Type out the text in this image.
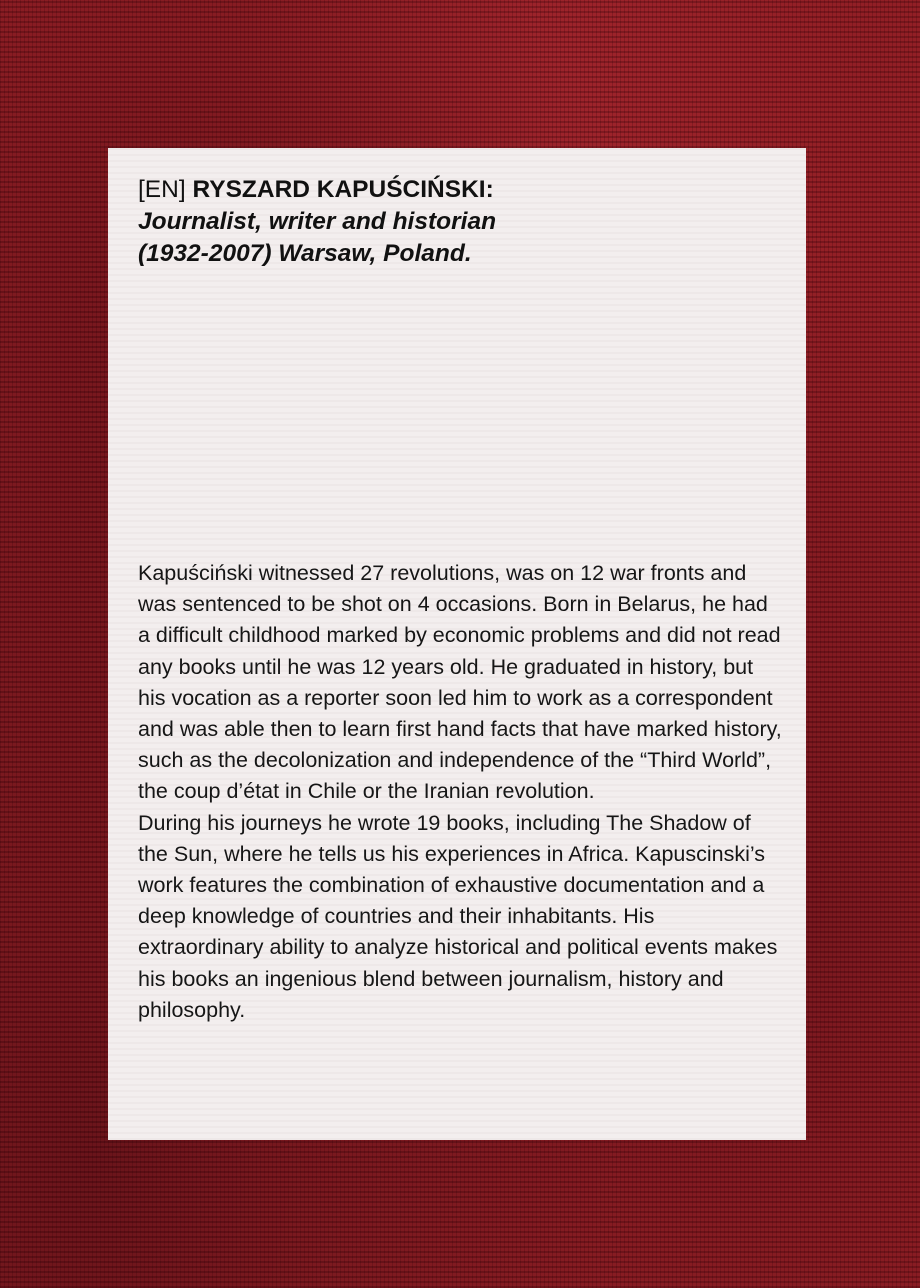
[EN] RYSZARD KAPUŚCIŃSKI:
Journalist, writer and historian
(1932-2007) Warsaw, Poland.

Kapuściński witnessed 27 revolutions, was on 12 war fronts and was sentenced to be shot on 4 occasions. Born in Belarus, he had a difficult childhood marked by economic problems and did not read any books until he was 12 years old. He graduated in history, but his vocation as a reporter soon led him to work as a correspondent and was able then to learn first hand facts that have marked history, such as the decolonization and independence of the “Third World”, the coup d’état in Chile or the Iranian revolution.

During his journeys he wrote 19 books, including The Shadow of the Sun, where he tells us his experiences in Africa. Kapuscinski’s work features the combination of exhaustive documentation and a deep knowledge of countries and their inhabitants. His extraordinary ability to analyze historical and political events makes his books an ingenious blend between journalism, history and philosophy.
